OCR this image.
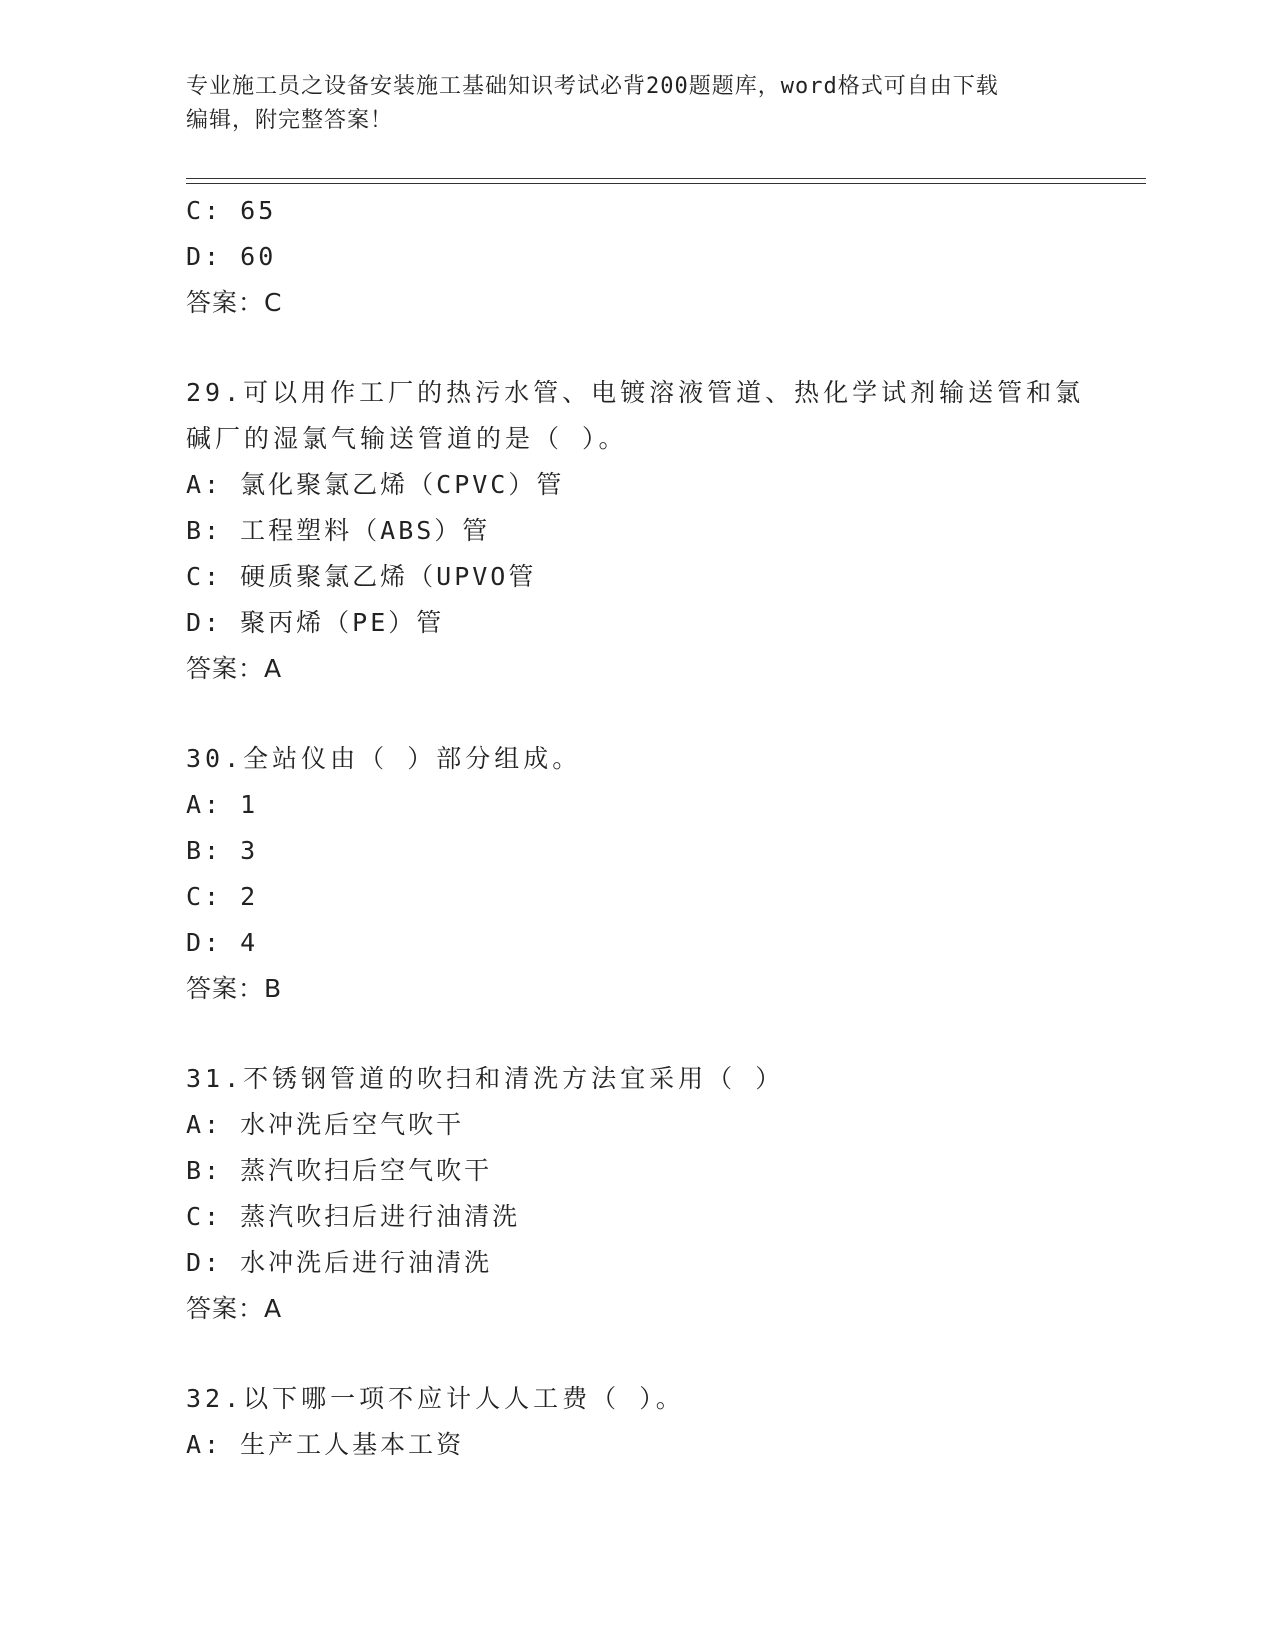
专业施工员之设备安装施工基础知识考试必背200题题库，word格式可自由下载
编辑，附完整答案！
C: 65
D: 60
答案：C
29.可以用作工厂的热污水管、电镀溶液管道、热化学试剂输送管和氯
碱厂的湿氯气输送管道的是（ ）。
A: 氯化聚氯乙烯（CPVC）管
B: 工程塑料（ABS）管
C: 硬质聚氯乙烯（UPVO管
D: 聚丙烯（PE）管
答案：A
30.全站仪由（ ）部分组成。
A: 1
B: 3
C: 2
D: 4
答案：B
31.不锈钢管道的吹扫和清洗方法宜采用（ ）
A: 水冲洗后空气吹干
B: 蒸汽吹扫后空气吹干
C: 蒸汽吹扫后进行油清洗
D: 水冲洗后进行油清洗
答案：A
32.以下哪一项不应计人人工费（ ）。
A: 生产工人基本工资
